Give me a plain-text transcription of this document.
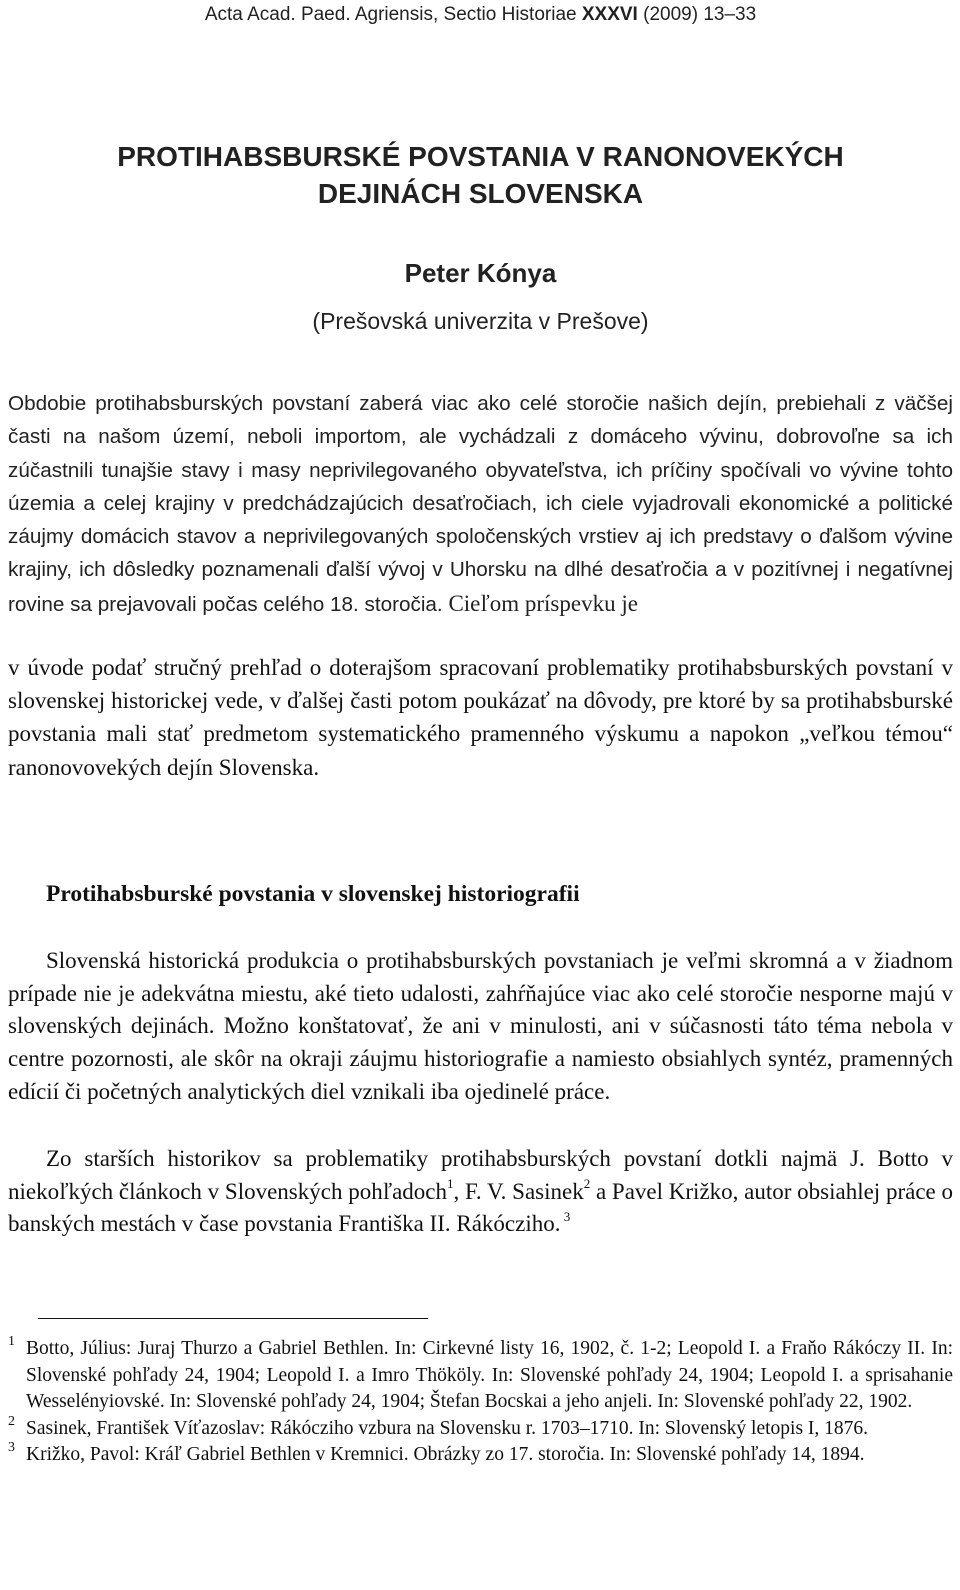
Acta Acad. Paed. Agriensis, Sectio Historiae XXXVI (2009) 13–33
PROTIHABSBURSKÉ POVSTANIA V RANONOVEKÝCH
DEJINÁCH SLOVENSKA
Peter Kónya
(Prešovská univerzita v Prešove)

Obdobie protihabsburských povstaní zaberá viac ako celé storočie našich dejín, prebiehali z väčšej časti na našom území, neboli importom, ale vychádzali z domáceho vývinu, dobrovoľne sa ich zúčastnili tunajšie stavy i masy neprivilegovaného obyvateľstva, ich príčiny spočívali vo vývine tohto územia a celej krajiny v predchádzajúcich desaťročiach, ich ciele vyjadrovali ekonomické a politické záujmy domácich stavov a neprivilegovaných spoločenských vrstiev aj ich predstavy o ďalšom vývine krajiny, ich dôsledky poznamenali ďalší vývoj v Uhorsku na dlhé desaťročia a v pozitívnej i negatívnej rovine sa prejavovali počas celého 18. storočia. Cieľom príspevku je

v úvode podať stručný prehľad o doterajšom spracovaní problematiky protihabsburských povstaní v slovenskej historickej vede, v ďalšej časti potom poukázať na dôvody, pre ktoré by sa protihabsburské povstania mali stať predmetom systematického pramenného výskumu a napokon „veľkou témou“ ranonovovekých dejín Slovenska.

Protihabsburské povstania v slovenskej historiografii

Slovenská historická produkcia o protihabsburských povstaniach je veľmi skromná a v žiadnom prípade nie je adekvátna miestu, aké tieto udalosti, zahŕňajúce viac ako celé storočie nesporne majú v slovenských dejinách. Možno konštatovať, že ani v minulosti, ani v súčasnosti táto téma nebola v centre pozornosti, ale skôr na okraji záujmu historiografie a namiesto obsiahlych syntéz, pramenných edícií či početných analytických diel vznikali iba ojedinelé práce.

Zo starších historikov sa problematiky protihabsburských povstaní dotkli najmä J. Botto v niekoľkých článkoch v Slovenských pohľadoch$^1$, F. V. Sasinek$^2$ a Pavel Križko, autor obsiahlej práce o banských mestách v čase povstania Františka II. Rákócziho. $^3$

1 Botto, Július: Juraj Thurzo a Gabriel Bethlen. In: Cirkevné listy 16, 1902, č. 1-2; Leopold I. a Fraňo Rákóczy II. In: Slovenské pohľady 24, 1904; Leopold I. a Imro Thököly. In: Slovenské pohľady 24, 1904; Leopold I. a sprisahanie Wesselényiovské. In: Slovenské pohľady 24, 1904; Štefan Bocskai a jeho anjeli. In: Slovenské pohľady 22, 1902.
2 Sasinek, František Víťazoslav: Rákócziho vzbura na Slovensku r. 1703–1710. In: Slovenský letopis I, 1876.
3 Križko, Pavol: Kráľ Gabriel Bethlen v Kremnici. Obrázky zo 17. storočia. In: Slovenské pohľady 14, 1894.
